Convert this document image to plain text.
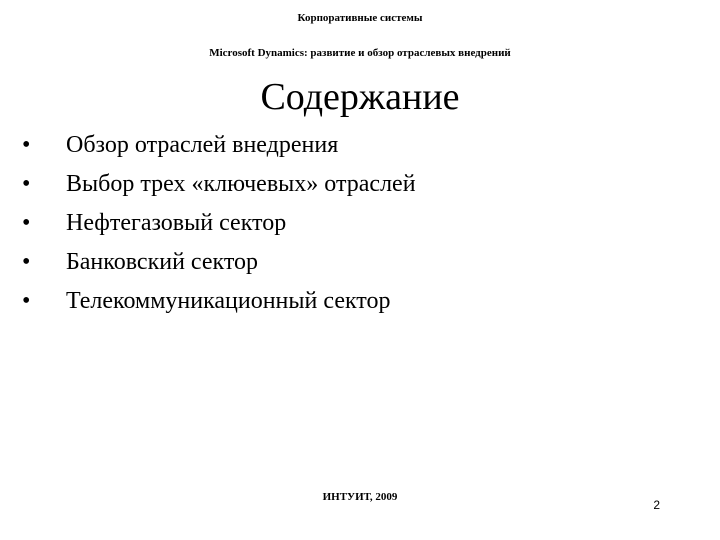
Корпоративные системы
Microsoft Dynamics: развитие и обзор отраслевых внедрений
Содержание
•	Обзор отраслей внедрения
•	Выбор трех «ключевых» отраслей
•	Нефтегазовый сектор
•	Банковский сектор
•	Телекоммуникационный сектор
ИНТУИТ, 2009
2
